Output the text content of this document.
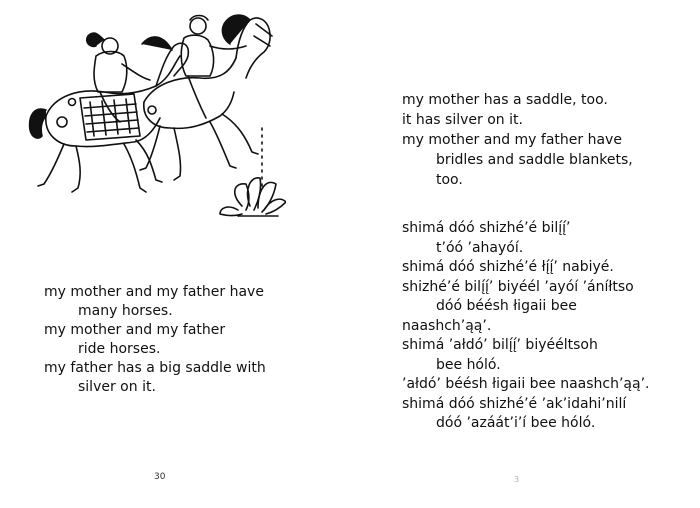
my mother and my father have
many horses.
my mother and my father
ride horses.
my father has a big saddle with
silver on it.
30
my mother has a saddle, too.
it has silver on it.
my mother and my father have
bridles and saddle blankets,
too.
shimá dóó shizhé’é bilį́į́’
t’óó ’ahayóí.
shimá dóó shizhé’é łį́į́’ nabiyé.
shizhé’é bilį́į́’ biyéél ’ayóí ’áníłtso
dóó béésh łigaii bee
naashch’ąą’.
shimá ’ałdó’ bilį́į́’ biyééltsoh
bee hóló.
’ałdó’ béésh łigaii bee naashch’ąą’.
shimá dóó shizhé’é ’ak’idahi’nilí
dóó ’azáát’i’í bee hóló.
3
